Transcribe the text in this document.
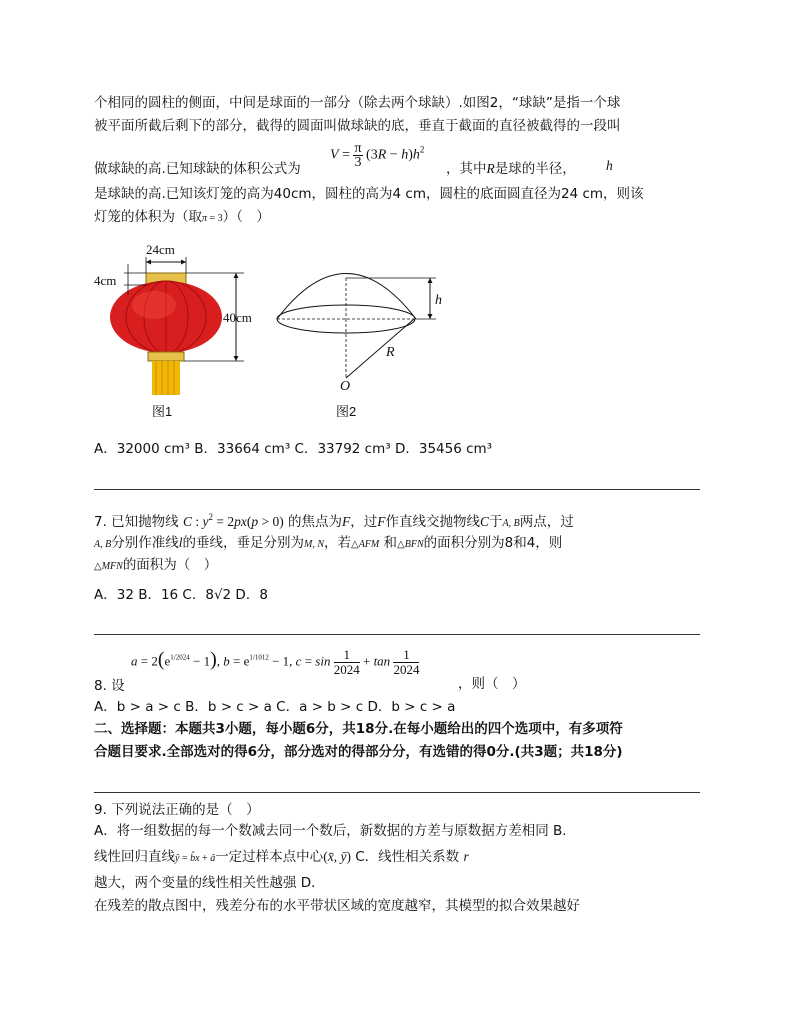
个相同的圆柱的侧面，中间是球面的一部分（除去两个球缺）.如图2，“球缺”是指一个球
被平面所截后剩下的部分，截得的圆面叫做球缺的底，垂直于截面的直径被截得的一段叫
做球缺的高.已知球缺的体积公式为
$V = \frac{\pi}{3} (3R - h)h^2$
，其中R是球的半径， h
是球缺的高.已知该灯笼的高为40cm，圆柱的高为4 cm，圆柱的底面圆直径为24 cm，则该
灯笼的体积为（取π = 3）（　）
24cm
4cm
40cm
图1
h
R
O
图2
A．32000 cm³ B．33664 cm³ C．33792 cm³ D．35456 cm³
7. 已知抛物线 C : $y^2 = 2px(p > 0)$ 的焦点为F，过F作直线交抛物线C于A, B两点，过
A, B分别作准线l的垂线，垂足分别为M, N，若△AFM 和△BFN的面积分别为8和4，则
△MFN的面积为（　）
A．32 B．16 C．8√2 D．8
$a = 2(e^{1/2024} - 1)$, $b = e^{1/1012} - 1$, $c = \sin \frac{1}{2024} + \tan \frac{1}{2024}$
8. 设	，则（　）
A．b > a > c B．b > c > a C．a > b > c D．b > c > a
二、选择题：本题共3小题，每小题6分，共18分.在每小题给出的四个选项中，有多项符
合题目要求.全部选对的得6分，部分选对的得部分分，有选错的得0分.(共3题；共18分)
9. 下列说法正确的是（　）
A．将一组数据的每一个数减去同一个数后，新数据的方差与原数据方差相同 B．
线性回归直线ŷ = b̂x + â一定过样本点中心(x̄, ȳ) C．线性相关系数 r
越大，两个变量的线性相关性越强 D．
在残差的散点图中，残差分布的水平带状区域的宽度越窄，其模型的拟合效果越好
